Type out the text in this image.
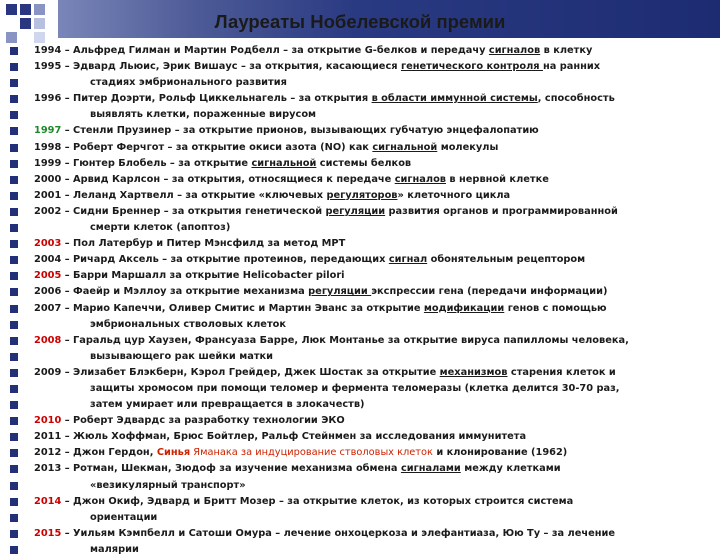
Лауреаты Нобелевской премии
1994 – Альфред Гилман и Мартин Родбелл – за открытие G-белков и передачу сигналов в клетку
1995 – Эдвард Льюис, Эрик Вишаус – за открытия, касающиеся генетического контроля на ранних
стадиях эмбрионального развития
1996 – Питер Доэрти, Рольф Циккельнагель – за открытия в области иммунной системы, способность
выявлять клетки, пораженные вирусом
1997 – Стенли Прузинер – за открытие прионов, вызывающих губчатую энцефалопатию
1998 – Роберт Ферчгот – за открытие окиси азота (NO) как сигнальной молекулы
1999 – Гюнтер Блобель – за открытие сигнальной системы белков
2000 – Арвид Карлсон – за открытия, относящиеся к передаче сигналов в нервной клетке
2001 – Леланд Хартвелл – за открытие «ключевых регуляторов» клеточного цикла
2002 – Сидни Бреннер – за открытия генетической регуляции развития органов и программированной
смерти клеток (апоптоз)
2003 – Пол Латербур и Питер Мэнсфилд за метод МРТ
2004 – Ричард Аксель – за открытие протеинов, передающих сигнал обонятельным рецептором
2005 – Барри Маршалл за открытие Helicobacter pilori
2006 – Фаейр и Мэллоу за открытие механизма регуляции экспрессии гена (передачи информации)
2007 – Марио Капеччи, Оливер Смитис и Мартин Эванс за открытие модификации генов с помощью
эмбриональных стволовых клеток
2008 – Гаральд цур Хаузен, Франсуаза Барре, Люк Монтанье за открытие вируса папилломы человека,
вызывающего рак шейки матки
2009 – Элизабет Блэкберн, Кэрол Грейдер, Джек Шостак за открытие механизмов старения клеток и
защиты хромосом при помощи теломер и фермента теломеразы (клетка делится 30-70 раз,
затем умирает или превращается в злокачеств)
2010 – Роберт Эдвардс за разработку технологии ЭКО
2011 – Жюль Хоффман, Брюс Бойтлер, Ральф Стейнмен за исследования иммунитета
2012 – Джон Гердон, Синья Яманака за индуцирование стволовых клеток и клонирование (1962)
2013 – Ротман, Шекман, Зюдоф за изучение механизма обмена сигналами между клетками
«везикулярный транспорт»
2014 – Джон Окиф, Эдвард и Бритт Мозер – за открытие клеток, из которых строится система
ориентации
2015 – Уильям Кэмпбелл и Сатоши Омура – лечение онхоцеркоза и элефантиаза, Юю Ту – за лечение
малярии
